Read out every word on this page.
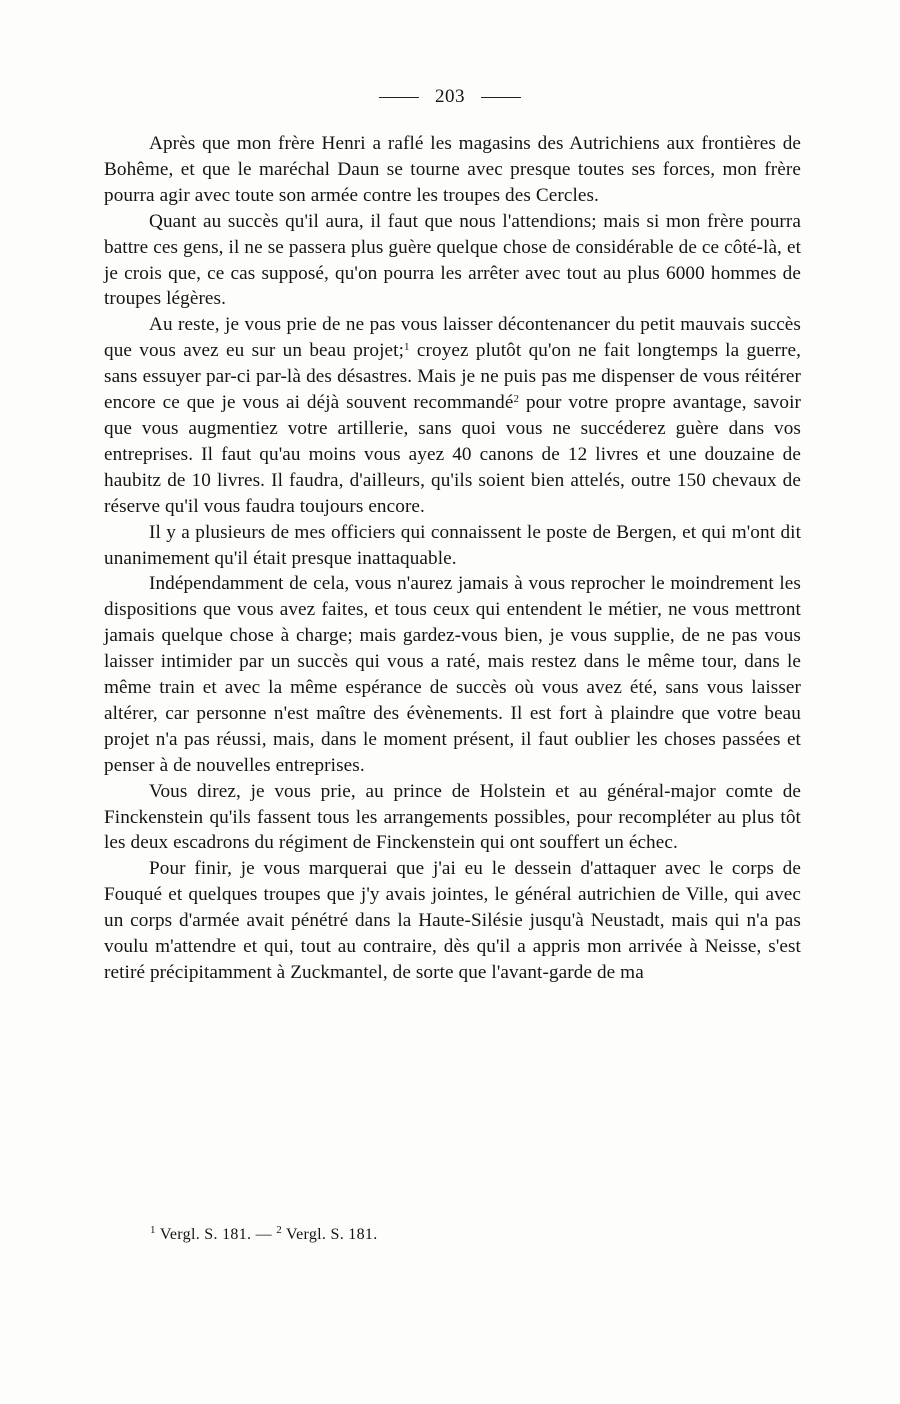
203

Après que mon frère Henri a raflé les magasins des Autrichiens aux frontières de Bohême, et que le maréchal Daun se tourne avec presque toutes ses forces, mon frère pourra agir avec toute son armée contre les troupes des Cercles.

Quant au succès qu'il aura, il faut que nous l'attendions; mais si mon frère pourra battre ces gens, il ne se passera plus guère quelque chose de considérable de ce côté-là, et je crois que, ce cas supposé, qu'on pourra les arrêter avec tout au plus 6000 hommes de troupes légères.

Au reste, je vous prie de ne pas vous laisser décontenancer du petit mauvais succès que vous avez eu sur un beau projet;$^1$ croyez plutôt qu'on ne fait longtemps la guerre, sans essuyer par-ci par-là des désastres. Mais je ne puis pas me dispenser de vous réitérer encore ce que je vous ai déjà souvent recommandé$^2$ pour votre propre avantage, savoir que vous augmentiez votre artillerie, sans quoi vous ne succéderez guère dans vos entreprises. Il faut qu'au moins vous ayez 40 canons de 12 livres et une douzaine de haubitz de 10 livres. Il faudra, d'ailleurs, qu'ils soient bien attelés, outre 150 chevaux de réserve qu'il vous faudra toujours encore.

Il y a plusieurs de mes officiers qui connaissent le poste de Bergen, et qui m'ont dit unanimement qu'il était presque inattaquable.

Indépendamment de cela, vous n'aurez jamais à vous reprocher le moindrement les dispositions que vous avez faites, et tous ceux qui entendent le métier, ne vous mettront jamais quelque chose à charge; mais gardez-vous bien, je vous supplie, de ne pas vous laisser intimider par un succès qui vous a raté, mais restez dans le même tour, dans le même train et avec la même espérance de succès où vous avez été, sans vous laisser altérer, car personne n'est maître des évènements. Il est fort à plaindre que votre beau projet n'a pas réussi, mais, dans le moment présent, il faut oublier les choses passées et penser à de nouvelles entreprises.

Vous direz, je vous prie, au prince de Holstein et au général-major comte de Finckenstein qu'ils fassent tous les arrangements possibles, pour recompléter au plus tôt les deux escadrons du régiment de Finckenstein qui ont souffert un échec.

Pour finir, je vous marquerai que j'ai eu le dessein d'attaquer avec le corps de Fouqué et quelques troupes que j'y avais jointes, le général autrichien de Ville, qui avec un corps d'armée avait pénétré dans la Haute-Silésie jusqu'à Neustadt, mais qui n'a pas voulu m'attendre et qui, tout au contraire, dès qu'il a appris mon arrivée à Neisse, s'est retiré précipitamment à Zuckmantel, de sorte que l'avant-garde de ma

$^1$ Vergl. S. 181. — $^2$ Vergl. S. 181.
